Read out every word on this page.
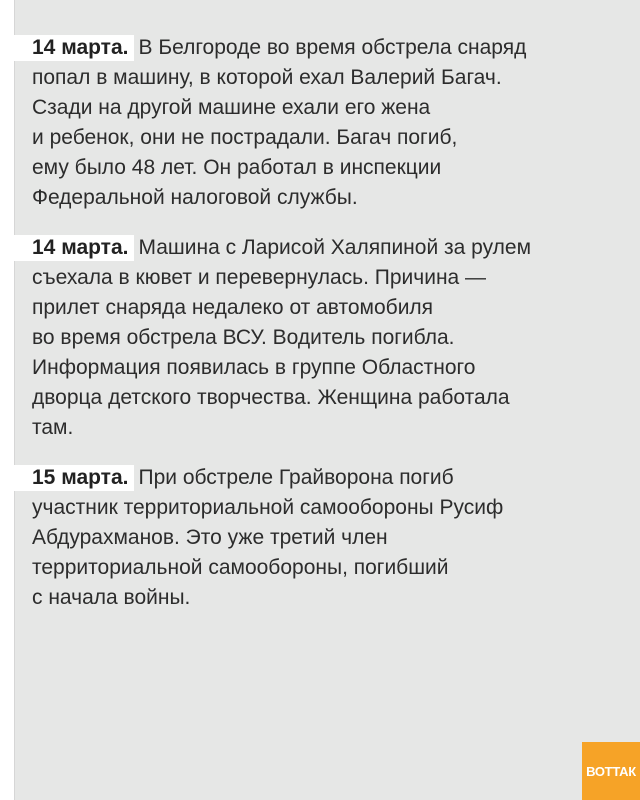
14 марта. В Белгороде во время обстрела снаряд
попал в машину, в которой ехал Валерий Багач.
Сзади на другой машине ехали его жена
и ребенок, они не пострадали. Багач погиб,
ему было 48 лет. Он работал в инспекции
Федеральной налоговой службы.
14 марта. Машина с Ларисой Халяпиной за рулем
съехала в кювет и перевернулась. Причина —
прилет снаряда недалеко от автомобиля
во время обстрела ВСУ. Водитель погибла.
Информация появилась в группе Областного
дворца детского творчества. Женщина работала
там.
15 марта. При обстреле Грайворона погиб
участник территориальной самообороны Русиф
Абдурахманов. Это уже третий член
территориальной самообороны, погибший
с начала войны.
ВОТТАК
